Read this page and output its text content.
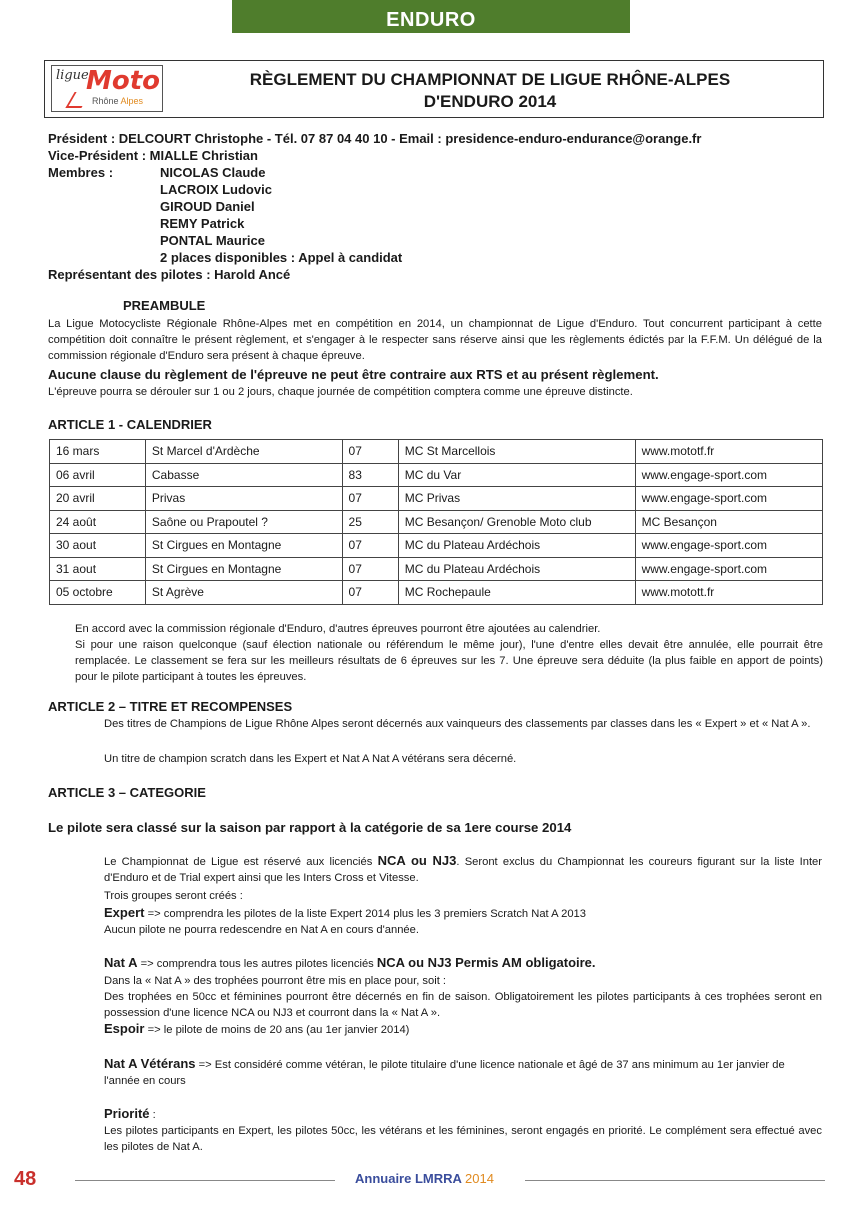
ENDURO
ligue
Moto
Rhône Alpes
RÈGLEMENT DU CHAMPIONNAT DE LIGUE RHÔNE-ALPES
D'ENDURO 2014
Président : DELCOURT Christophe - Tél. 07 87 04 40 10 - Email : presidence-enduro-endurance@orange.fr
Vice-Président : MIALLE Christian
Membres :	NICOLAS Claude
LACROIX Ludovic
GIROUD Daniel
REMY Patrick
PONTAL Maurice
2 places disponibles : Appel à candidat
Représentant des pilotes : Harold Ancé
PREAMBULE
La Ligue Motocycliste Régionale Rhône-Alpes met en compétition en 2014, un championnat de Ligue d'Enduro. Tout concurrent participant à cette compétition doit connaître le présent règlement, et s'engager à le respecter sans réserve ainsi que les règlements édictés par la F.F.M. Un délégué de la commission régionale d'Enduro sera présent à chaque épreuve.
Aucune clause du règlement de l'épreuve ne peut être contraire aux RTS et au présent règlement.
L'épreuve pourra se dérouler sur 1 ou 2 jours, chaque journée de compétition comptera comme une épreuve distincte.
ARTICLE 1 - CALENDRIER
16 mars	St Marcel d'Ardèche	07	MC St Marcellois	www.mototf.fr
06 avril	Cabasse	83	MC du Var	www.engage-sport.com
20 avril	Privas	07	MC Privas	www.engage-sport.com
24 août	Saône ou Prapoutel ?	25	MC Besançon/ Grenoble Moto club	MC Besançon
30 aout	St Cirgues en Montagne	07	MC du Plateau Ardéchois	www.engage-sport.com
31 aout	St Cirgues en Montagne	07	MC du Plateau Ardéchois	www.engage-sport.com
05 octobre	St Agrève	07	MC Rochepaule	www.motott.fr
En accord avec la commission régionale d'Enduro, d'autres épreuves pourront être ajoutées au calendrier.
Si pour une raison quelconque (sauf élection nationale ou référendum le même jour), l'une d'entre elles devait être annulée, elle pourrait être remplacée. Le classement se fera sur les meilleurs résultats de 6 épreuves sur les 7. Une épreuve sera déduite (la plus faible en apport de points) pour le pilote participant à toutes les épreuves.
ARTICLE 2 – TITRE ET RECOMPENSES
Des titres de Champions de Ligue Rhône Alpes seront décernés aux vainqueurs des classements par classes dans les « Expert » et « Nat A ».
Un titre de champion scratch dans les Expert et Nat A Nat A vétérans sera décerné.
ARTICLE 3 – CATEGORIE
Le pilote sera classé sur la saison par rapport à la catégorie de sa 1ere course 2014
Le Championnat de Ligue est réservé aux licenciés NCA ou NJ3. Seront exclus du Championnat les coureurs figurant sur la liste Inter d'Enduro et de Trial expert ainsi que les Inters Cross et Vitesse.
Trois groupes seront créés :
Expert => comprendra les pilotes de la liste Expert 2014 plus les 3 premiers Scratch Nat A 2013
Aucun pilote ne pourra redescendre en Nat A en cours d'année.
Nat A => comprendra tous les autres pilotes licenciés NCA ou NJ3 Permis AM obligatoire.
Dans la « Nat A » des trophées pourront être mis en place pour, soit :
Des trophées en 50cc et féminines pourront être décernés en fin de saison. Obligatoirement les pilotes participants à ces trophées seront en possession d'une licence NCA ou NJ3 et courront dans la « Nat A ».
Espoir => le pilote de moins de 20 ans (au 1er janvier 2014)
Nat A Vétérans => Est considéré comme vétéran, le pilote titulaire d'une licence nationale et âgé de 37 ans minimum au 1er janvier de l'année en cours
Priorité :
Les pilotes participants en Expert, les pilotes 50cc, les vétérans et les féminines, seront engagés en priorité. Le complément sera effectué avec les pilotes de Nat A.
48	Annuaire LMRRA 2014
